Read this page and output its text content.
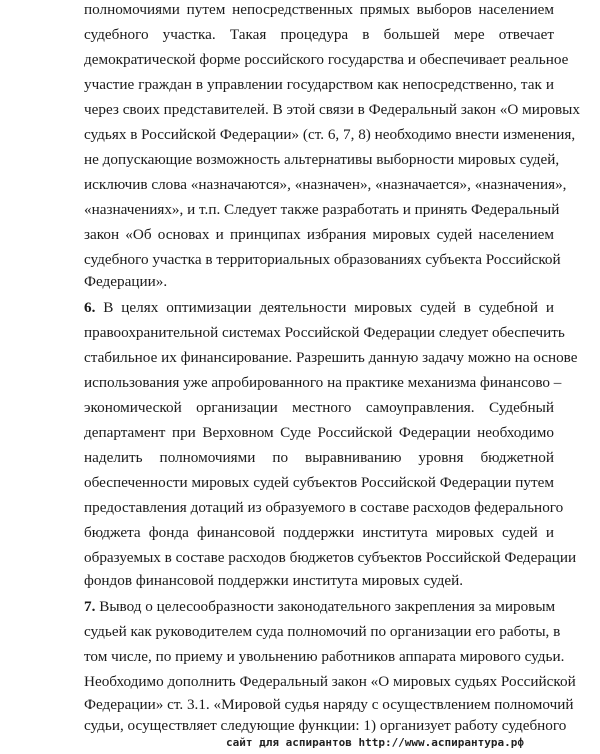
полномочиями путем непосредственных прямых выборов населением
судебного участка. Такая процедура в большей мере отвечает
демократической форме российского государства и обеспечивает реальное
участие граждан в управлении государством как непосредственно, так и
через своих представителей. В этой связи в Федеральный закон «О мировых
судьях в Российской Федерации» (ст. 6, 7, 8) необходимо внести изменения,
не допускающие возможность альтернативы выборности мировых судей,
исключив слова «назначаются», «назначен», «назначается», «назначения»,
«назначениях», и т.п. Следует также разработать и принять Федеральный
закон «Об основах и принципах избрания мировых судей населением
судебного участка в территориальных образованиях субъекта Российской
Федерации».
6. В целях оптимизации деятельности мировых судей в судебной и
правоохранительной системах Российской Федерации следует обеспечить
стабильное их финансирование. Разрешить данную задачу можно на основе
использования уже апробированного на практике механизма финансово –
экономической организации местного самоуправления. Судебный
департамент при Верховном Суде Российской Федерации необходимо
наделить полномочиями по выравниванию уровня бюджетной
обеспеченности мировых судей субъектов Российской Федерации путем
предоставления дотаций из образуемого в составе расходов федерального
бюджета фонда финансовой поддержки института мировых судей и
образуемых в составе расходов бюджетов субъектов Российской Федерации
фондов финансовой поддержки института мировых судей.
7. Вывод о целесообразности законодательного закрепления за мировым
судьей как руководителем суда полномочий по организации его работы, в
том числе, по приему и увольнению работников аппарата мирового судьи.
Необходимо дополнить Федеральный закон «О мировых судьях Российской
Федерации» ст. 3.1. «Мировой судья наряду с осуществлением полномочий
судьи, осуществляет следующие функции: 1) организует работу судебного
сайт для аспирантов http://www.аспирантура.рф
